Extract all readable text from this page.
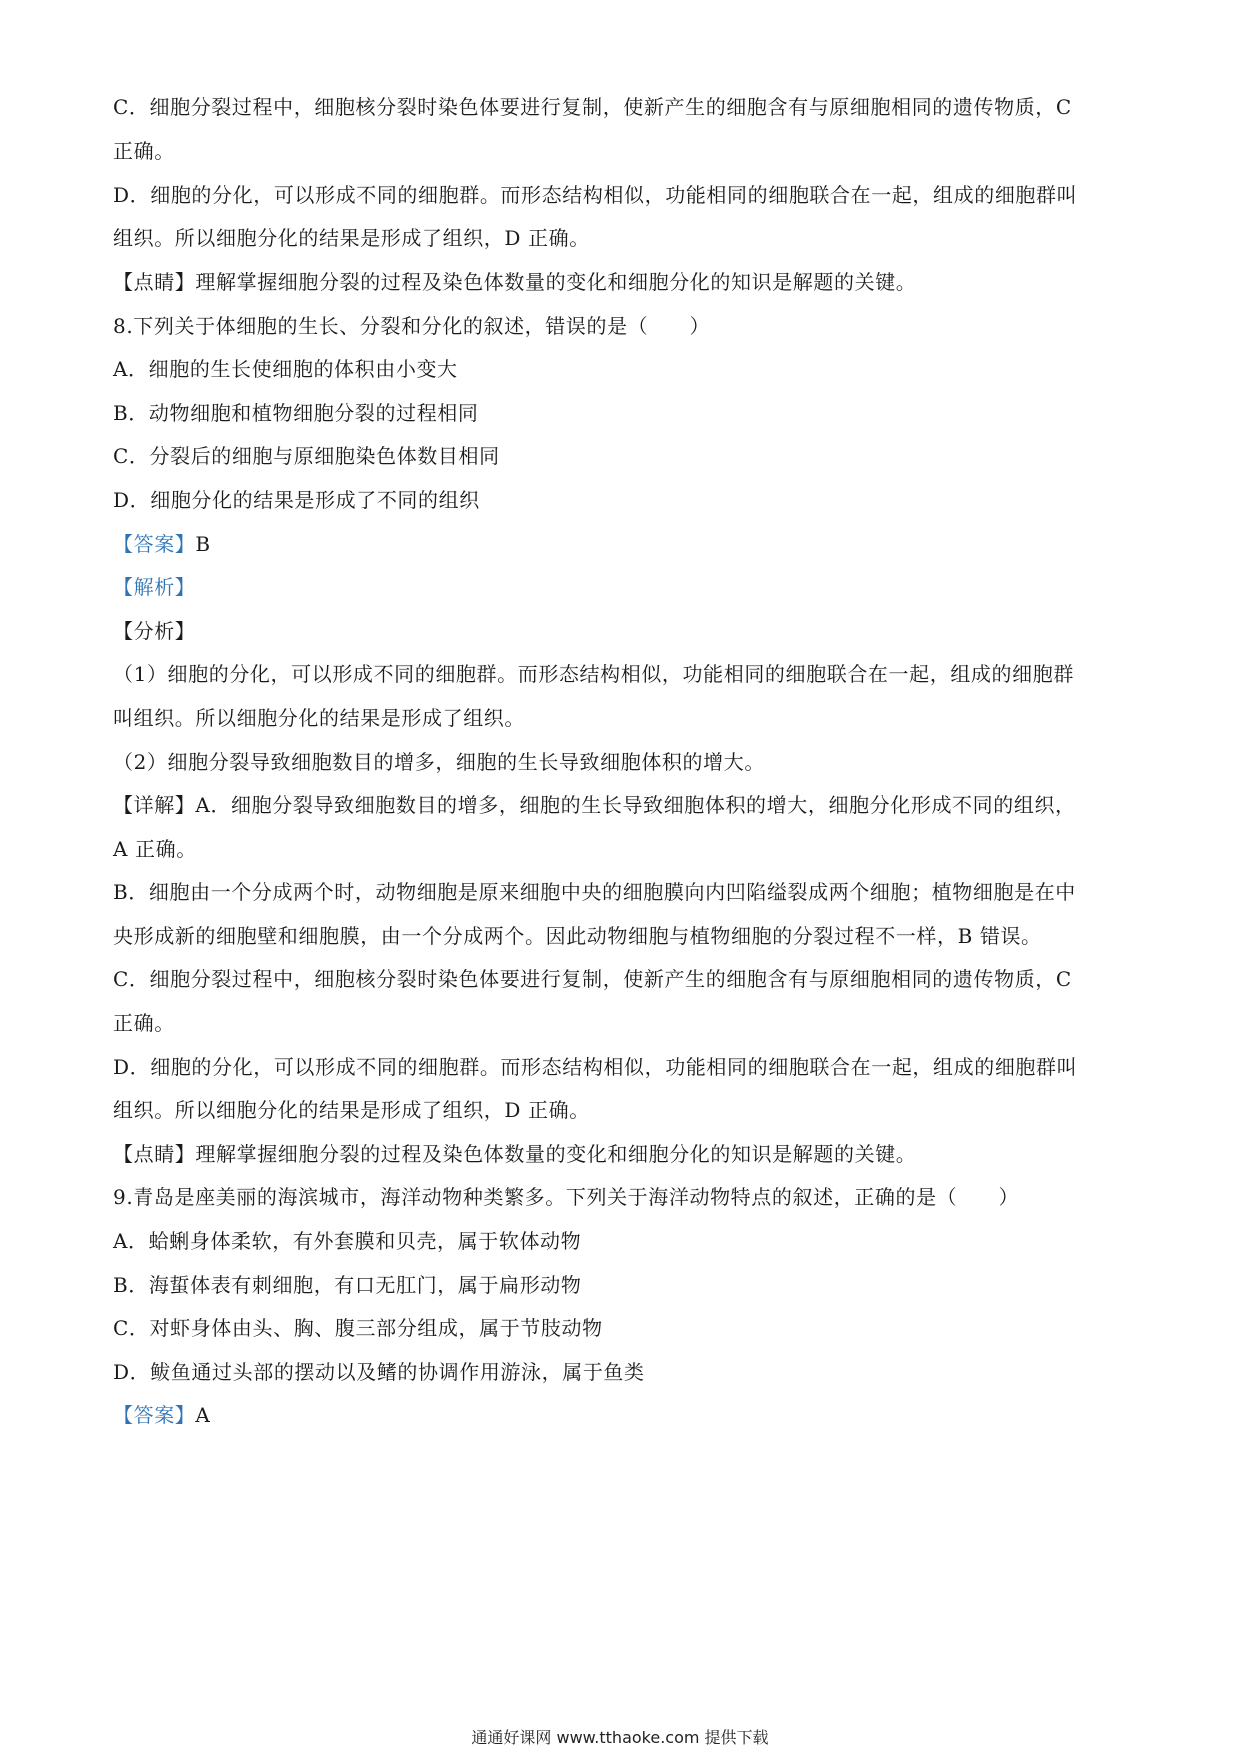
C．细胞分裂过程中，细胞核分裂时染色体要进行复制，使新产生的细胞含有与原细胞相同的遗传物质，C
正确。
D．细胞的分化，可以形成不同的细胞群。而形态结构相似，功能相同的细胞联合在一起，组成的细胞群叫
组织。所以细胞分化的结果是形成了组织，D 正确。
【点睛】理解掌握细胞分裂的过程及染色体数量的变化和细胞分化的知识是解题的关键。
8.下列关于体细胞的生长、分裂和分化的叙述，错误的是（　　）
A．细胞的生长使细胞的体积由小变大
B．动物细胞和植物细胞分裂的过程相同
C．分裂后的细胞与原细胞染色体数目相同
D．细胞分化的结果是形成了不同的组织
【答案】B
【解析】
【分析】
（1）细胞的分化，可以形成不同的细胞群。而形态结构相似，功能相同的细胞联合在一起，组成的细胞群
叫组织。所以细胞分化的结果是形成了组织。
（2）细胞分裂导致细胞数目的增多，细胞的生长导致细胞体积的增大。
【详解】A．细胞分裂导致细胞数目的增多，细胞的生长导致细胞体积的增大，细胞分化形成不同的组织，
A 正确。
B．细胞由一个分成两个时，动物细胞是原来细胞中央的细胞膜向内凹陷缢裂成两个细胞；植物细胞是在中
央形成新的细胞壁和细胞膜，由一个分成两个。因此动物细胞与植物细胞的分裂过程不一样，B 错误。
C．细胞分裂过程中，细胞核分裂时染色体要进行复制，使新产生的细胞含有与原细胞相同的遗传物质，C
正确。
D．细胞的分化，可以形成不同的细胞群。而形态结构相似，功能相同的细胞联合在一起，组成的细胞群叫
组织。所以细胞分化的结果是形成了组织，D 正确。
【点睛】理解掌握细胞分裂的过程及染色体数量的变化和细胞分化的知识是解题的关键。
9.青岛是座美丽的海滨城市，海洋动物种类繁多。下列关于海洋动物特点的叙述，正确的是（　　）
A．蛤蜊身体柔软，有外套膜和贝壳，属于软体动物
B．海蜇体表有刺细胞，有口无肛门，属于扁形动物
C．对虾身体由头、胸、腹三部分组成，属于节肢动物
D．鲅鱼通过头部的摆动以及鳍的协调作用游泳，属于鱼类
【答案】A
通通好课网 www.tthaoke.com 提供下载
